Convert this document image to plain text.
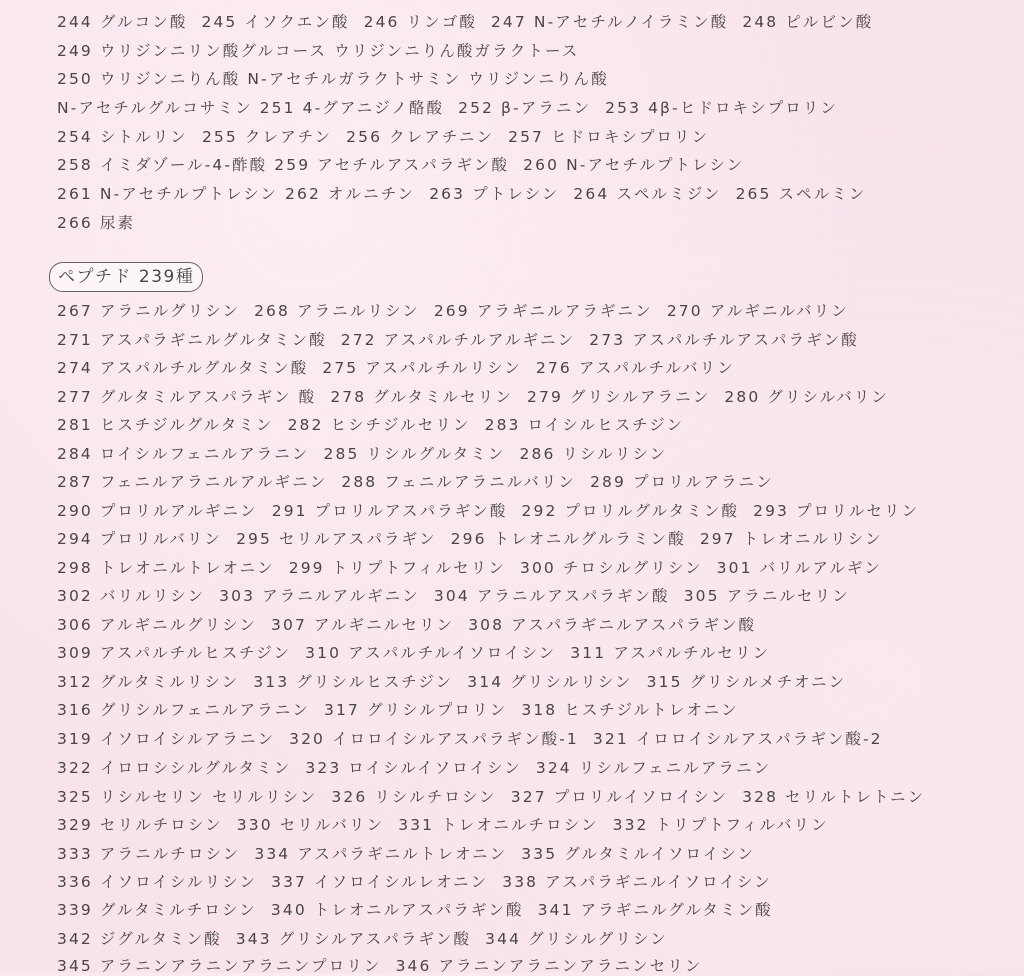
244 グルコン酸  245 イソクエン酸  246 リンゴ酸  247 N-アセチルノイラミン酸  248 ピルビン酸
249 ウリジンニリン酸グルコース ウリジンニりん酸ガラクトース
250 ウリジンニりん酸 N-アセチルガラクトサミン ウリジンニりん酸
N-アセチルグルコサミン 251 4-グアニジノ酪酸  252 β-アラニン  253 4β-ヒドロキシプロリン
254 シトルリン  255 クレアチン  256 クレアチニン  257 ヒドロキシプロリン
258 イミダゾール-4-酢酸 259 アセチルアスパラギン酸  260 N-アセチルプトレシン
261 N-アセチルプトレシン 262 オルニチン  263 プトレシン  264 スペルミジン  265 スペルミン
266 尿素
ペプチド 239種
267 アラニルグリシン  268 アラニルリシン  269 アラギニルアラギニン  270 アルギニルバリン
271 アスパラギニルグルタミン酸  272 アスパルチルアルギニン  273 アスパルチルアスパラギン酸
274 アスパルチルグルタミン酸  275 アスパルチルリシン  276 アスパルチルバリン
277 グルタミルアスパラギン 酸  278 グルタミルセリン  279 グリシルアラニン  280 グリシルバリン
281 ヒスチジルグルタミン  282 ヒシチジルセリン  283 ロイシルヒスチジン
284 ロイシルフェニルアラニン  285 リシルグルタミン  286 リシルリシン
287 フェニルアラニルアルギニン  288 フェニルアラニルバリン  289 プロリルアラニン
290 プロリルアルギニン  291 プロリルアスパラギン酸  292 プロリルグルタミン酸  293 プロリルセリン
294 プロリルバリン  295 セリルアスパラギン  296 トレオニルグルラミン酸  297 トレオニルリシン
298 トレオニルトレオニン  299 トリプトフィルセリン  300 チロシルグリシン  301 バリルアルギン
302 バリルリシン  303 アラニルアルギニン  304 アラニルアスパラギン酸  305 アラニルセリン
306 アルギニルグリシン  307 アルギニルセリン  308 アスパラギニルアスパラギン酸
309 アスパルチルヒスチジン  310 アスパルチルイソロイシン  311 アスパルチルセリン
312 グルタミルリシン  313 グリシルヒスチジン  314 グリシルリシン  315 グリシルメチオニン
316 グリシルフェニルアラニン  317 グリシルプロリン  318 ヒスチジルトレオニン
319 イソロイシルアラニン  320 イロロイシルアスパラギン酸-1  321 イロロイシルアスパラギン酸-2
322 イロロシシルグルタミン  323 ロイシルイソロイシン  324 リシルフェニルアラニン
325 リシルセリン セリルリシン  326 リシルチロシン  327 プロリルイソロイシン  328 セリルトレトニン
329 セリルチロシン  330 セリルバリン  331 トレオニルチロシン  332 トリプトフィルバリン
333 アラニルチロシン  334 アスパラギニルトレオニン  335 グルタミルイソロイシン
336 イソロイシルリシン  337 イソロイシルレオニン  338 アスパラギニルイソロイシン
339 グルタミルチロシン  340 トレオニルアスパラギン酸  341 アラギニルグルタミン酸
342 ジグルタミン酸  343 グリシルアスパラギン酸  344 グリシルグリシン
345 アラニンアラニンアラニンプロリン  346 アラニンアラニンアラニンセリン
